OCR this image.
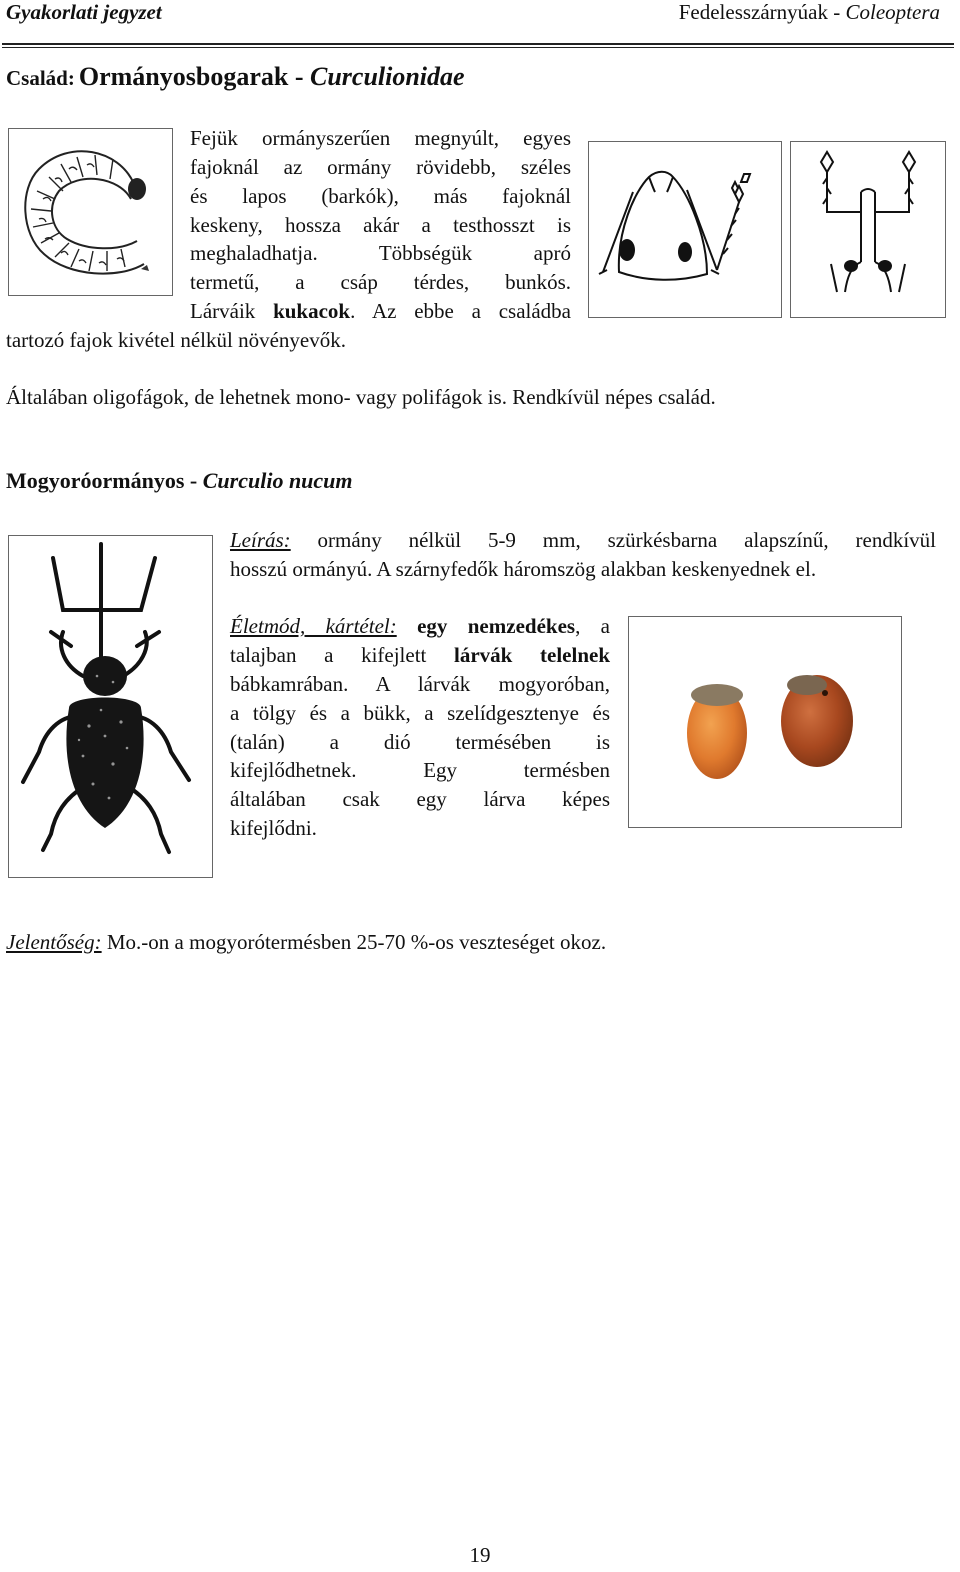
Gyakorlati jegyzet	Fedelesszárnyúak - Coleoptera
Család: Ormányosbogarak - Curculionidae
Fejük ormányszerűen megnyúlt, egyes
fajoknál az ormány rövidebb, széles
és lapos (barkók), más fajoknál
keskeny, hossza akár a testhosszt is
meghaladhatja. Többségük apró
termetű, a csáp térdes, bunkós.
Lárváik kukacok. Az ebbe a családba
tartozó fajok kivétel nélkül növényevők.
Általában oligofágok, de lehetnek mono- vagy polifágok is. Rendkívül népes család.
Mogyoróormányos - Curculio nucum
Leírás: ormány nélkül 5-9 mm, szürkésbarna alapszínű, rendkívül
hosszú ormányú. A szárnyfedők háromszög alakban keskenyednek el.
Életmód, kártétel: egy nemzedékes, a
talajban a kifejlett lárvák telelnek
bábkamrában. A lárvák mogyoróban,
a tölgy és a bükk, a szelídgesztenye és
(talán) a dió termésében is
kifejlődhetnek. Egy termésben
általában csak egy lárva képes
kifejlődni.
Jelentőség: Mo.-on a mogyorótermésben 25-70 %-os veszteséget okoz.
19
